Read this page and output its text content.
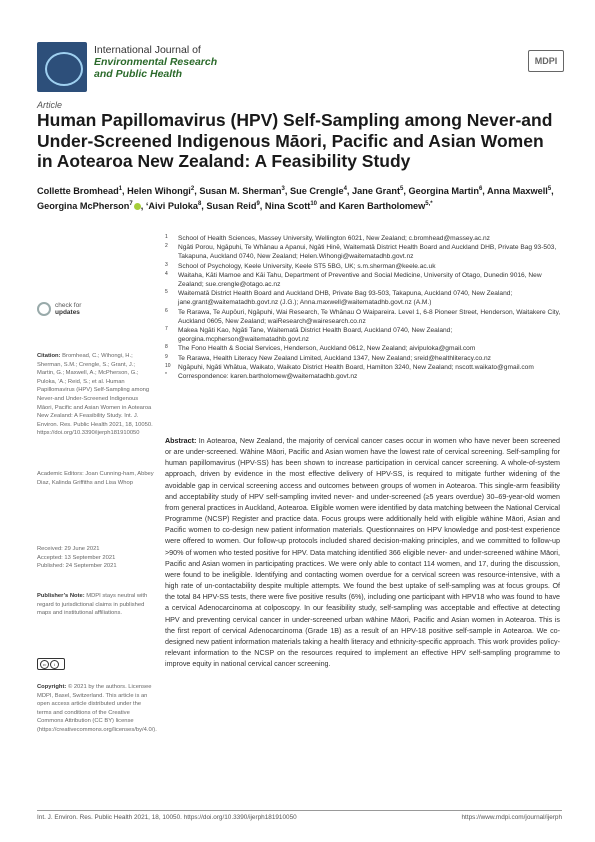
International Journal of
Environmental Research
and Public Health
MDPI
Article
Human Papillomavirus (HPV) Self-Sampling among Never-and Under-Screened Indigenous Māori, Pacific and Asian Women in Aotearoa New Zealand: A Feasibility Study
Collette Bromhead$^1$, Helen Wihongi$^2$, Susan M. Sherman$^3$, Sue Crengle$^4$, Jane Grant$^5$, Georgina Martin$^6$, Anna Maxwell$^5$, Georgina McPherson$^7$ , ‘Aivi Puloka$^8$, Susan Reid$^9$, Nina Scott$^{10}$ and Karen Bartholomew$^{5,*}$
1 School of Health Sciences, Massey University, Wellington 6021, New Zealand; c.bromhead@massey.ac.nz
2 Ngāti Porou, Ngāpuhi, Te Whānau a Apanui, Ngāti Hinē, Waitematā District Health Board and Auckland DHB, Private Bag 93-503, Takapuna, Auckland 0740, New Zealand; Helen.Wihongi@waitematadhb.govt.nz
3 School of Psychology, Keele University, Keele ST5 5BG, UK; s.m.sherman@keele.ac.uk
4 Waitaha, Kāti Mamoe and Kāi Tahu, Department of Preventive and Social Medicine, University of Otago, Dunedin 9016, New Zealand; sue.crengle@otago.ac.nz
5 Waitematā District Health Board and Auckland DHB, Private Bag 93-503, Takapuna, Auckland 0740, New Zealand; jane.grant@waitematadhb.govt.nz (J.G.); Anna.maxwell@waitematadhb.govt.nz (A.M.)
6 Te Rarawa, Te Aupōuri, Ngāpuhi, Wai Research, Te Whānau O Waipareira. Level 1, 6-8 Pioneer Street, Henderson, Waitakere City, Auckland 0605, New Zealand; waiResearch@wairesearch.co.nz
7 Makea Ngāti Kao, Ngāti Tane, Waitematā District Health Board, Auckland 0740, New Zealand; georgina.mcpherson@waitematadhb.govt.nz
8 The Fono Health & Social Services, Henderson, Auckland 0612, New Zealand; aivipuloka@gmail.com
9 Te Rarawa, Health Literacy New Zealand Limited, Auckland 1347, New Zealand; sreid@healthliteracy.co.nz
10 Ngāpuhi, Ngāti Whātua, Waikato, Waikato District Health Board, Hamilton 3240, New Zealand; nscott.waikato@gmail.com
* Correspondence: karen.bartholomew@waitematadhb.govt.nz
check for
updates
Citation: Bromhead, C.; Wihongi, H.; Sherman, S.M.; Crengle, S.; Grant, J.; Martin, G.; Maxwell, A.; McPherson, G.; Puloka, ‘A.; Reid, S.; et al. Human Papillomavirus (HPV) Self-Sampling among Never-and Under-Screened Indigenous Māori, Pacific and Asian Women in Aotearoa New Zealand: A Feasibility Study. Int. J. Environ. Res. Public Health 2021, 18, 10050. https://doi.org/10.3390/ijerph181910050
Academic Editors: Joan Cunning-ham, Abbey Diaz, Kalinda Griffiths and Lisa Whop
Received: 29 June 2021
Accepted: 13 September 2021
Published: 24 September 2021
Publisher’s Note: MDPI stays neutral with regard to jurisdictional claims in published maps and institutional affiliations.
cc	i
Copyright: © 2021 by the authors. Licensee MDPI, Basel, Switzerland. This article is an open access article distributed under the terms and conditions of the Creative Commons Attribution (CC BY) license (https://creativecommons.org/licenses/by/4.0/).
Abstract: In Aotearoa, New Zealand, the majority of cervical cancer cases occur in women who have never been screened or are under-screened. Wāhine Māori, Pacific and Asian women have the lowest rate of cervical screening. Self-sampling for human papillomavirus (HPV-SS) has been shown to increase participation in cervical cancer screening. A whole-of-system approach, driven by evidence in the most effective delivery of HPV-SS, is required to mitigate further widening of the avoidable gap in cervical screening access and outcomes between groups of women in Aotearoa. This single-arm feasibility and acceptability study of HPV self-sampling invited never- and under-screened (≥5 years overdue) 30–69-year-old women from general practices in Auckland, Aotearoa. Eligible women were identified by data matching between the National Cervical Programme (NCSP) Register and practice data. Focus groups were additionally held with eligible wāhine Māori, Asian and Pacific women to co-design new patient information materials. Questionnaires on HPV knowledge and post-test experience were offered to women. Our follow-up protocols included shared decision-making principles, and we committed to follow-up >90% of women who tested positive for HPV. Data matching identified 366 eligible never- and under-screened wāhine Māori, Pacific and Asian women in participating practices. We were only able to contact 114 women, and 17, during the discussion, were found to be ineligible. Identifying and contacting women overdue for a cervical screen was resource-intensive, with a high rate of un-contactability despite multiple attempts. We found the best uptake of self-sampling was at focus groups. Of the total 84 HPV-SS tests, there were five positive results (6%), including one participant with HPV18 who was found to have a cervical Adenocarcinoma at colposcopy. In our feasibility study, self-sampling was acceptable and effective at detecting HPV and preventing cervical cancer in under-screened urban wāhine Māori, Pacific and Asian women in Aotearoa. This is the first report of cervical Adenocarcinoma (Grade 1B) as a result of an HPV-18 positive self-sample in Aotearoa. We co-designed new patient information materials taking a health literacy and ethnicity-specific approach. This work provides policy-relevant information to the NCSP on the resources required to implement an effective HPV self-sampling programme to improve equity in national cervical cancer screening.
Int. J. Environ. Res. Public Health 2021, 18, 10050. https://doi.org/10.3390/ijerph181910050	https://www.mdpi.com/journal/ijerph
